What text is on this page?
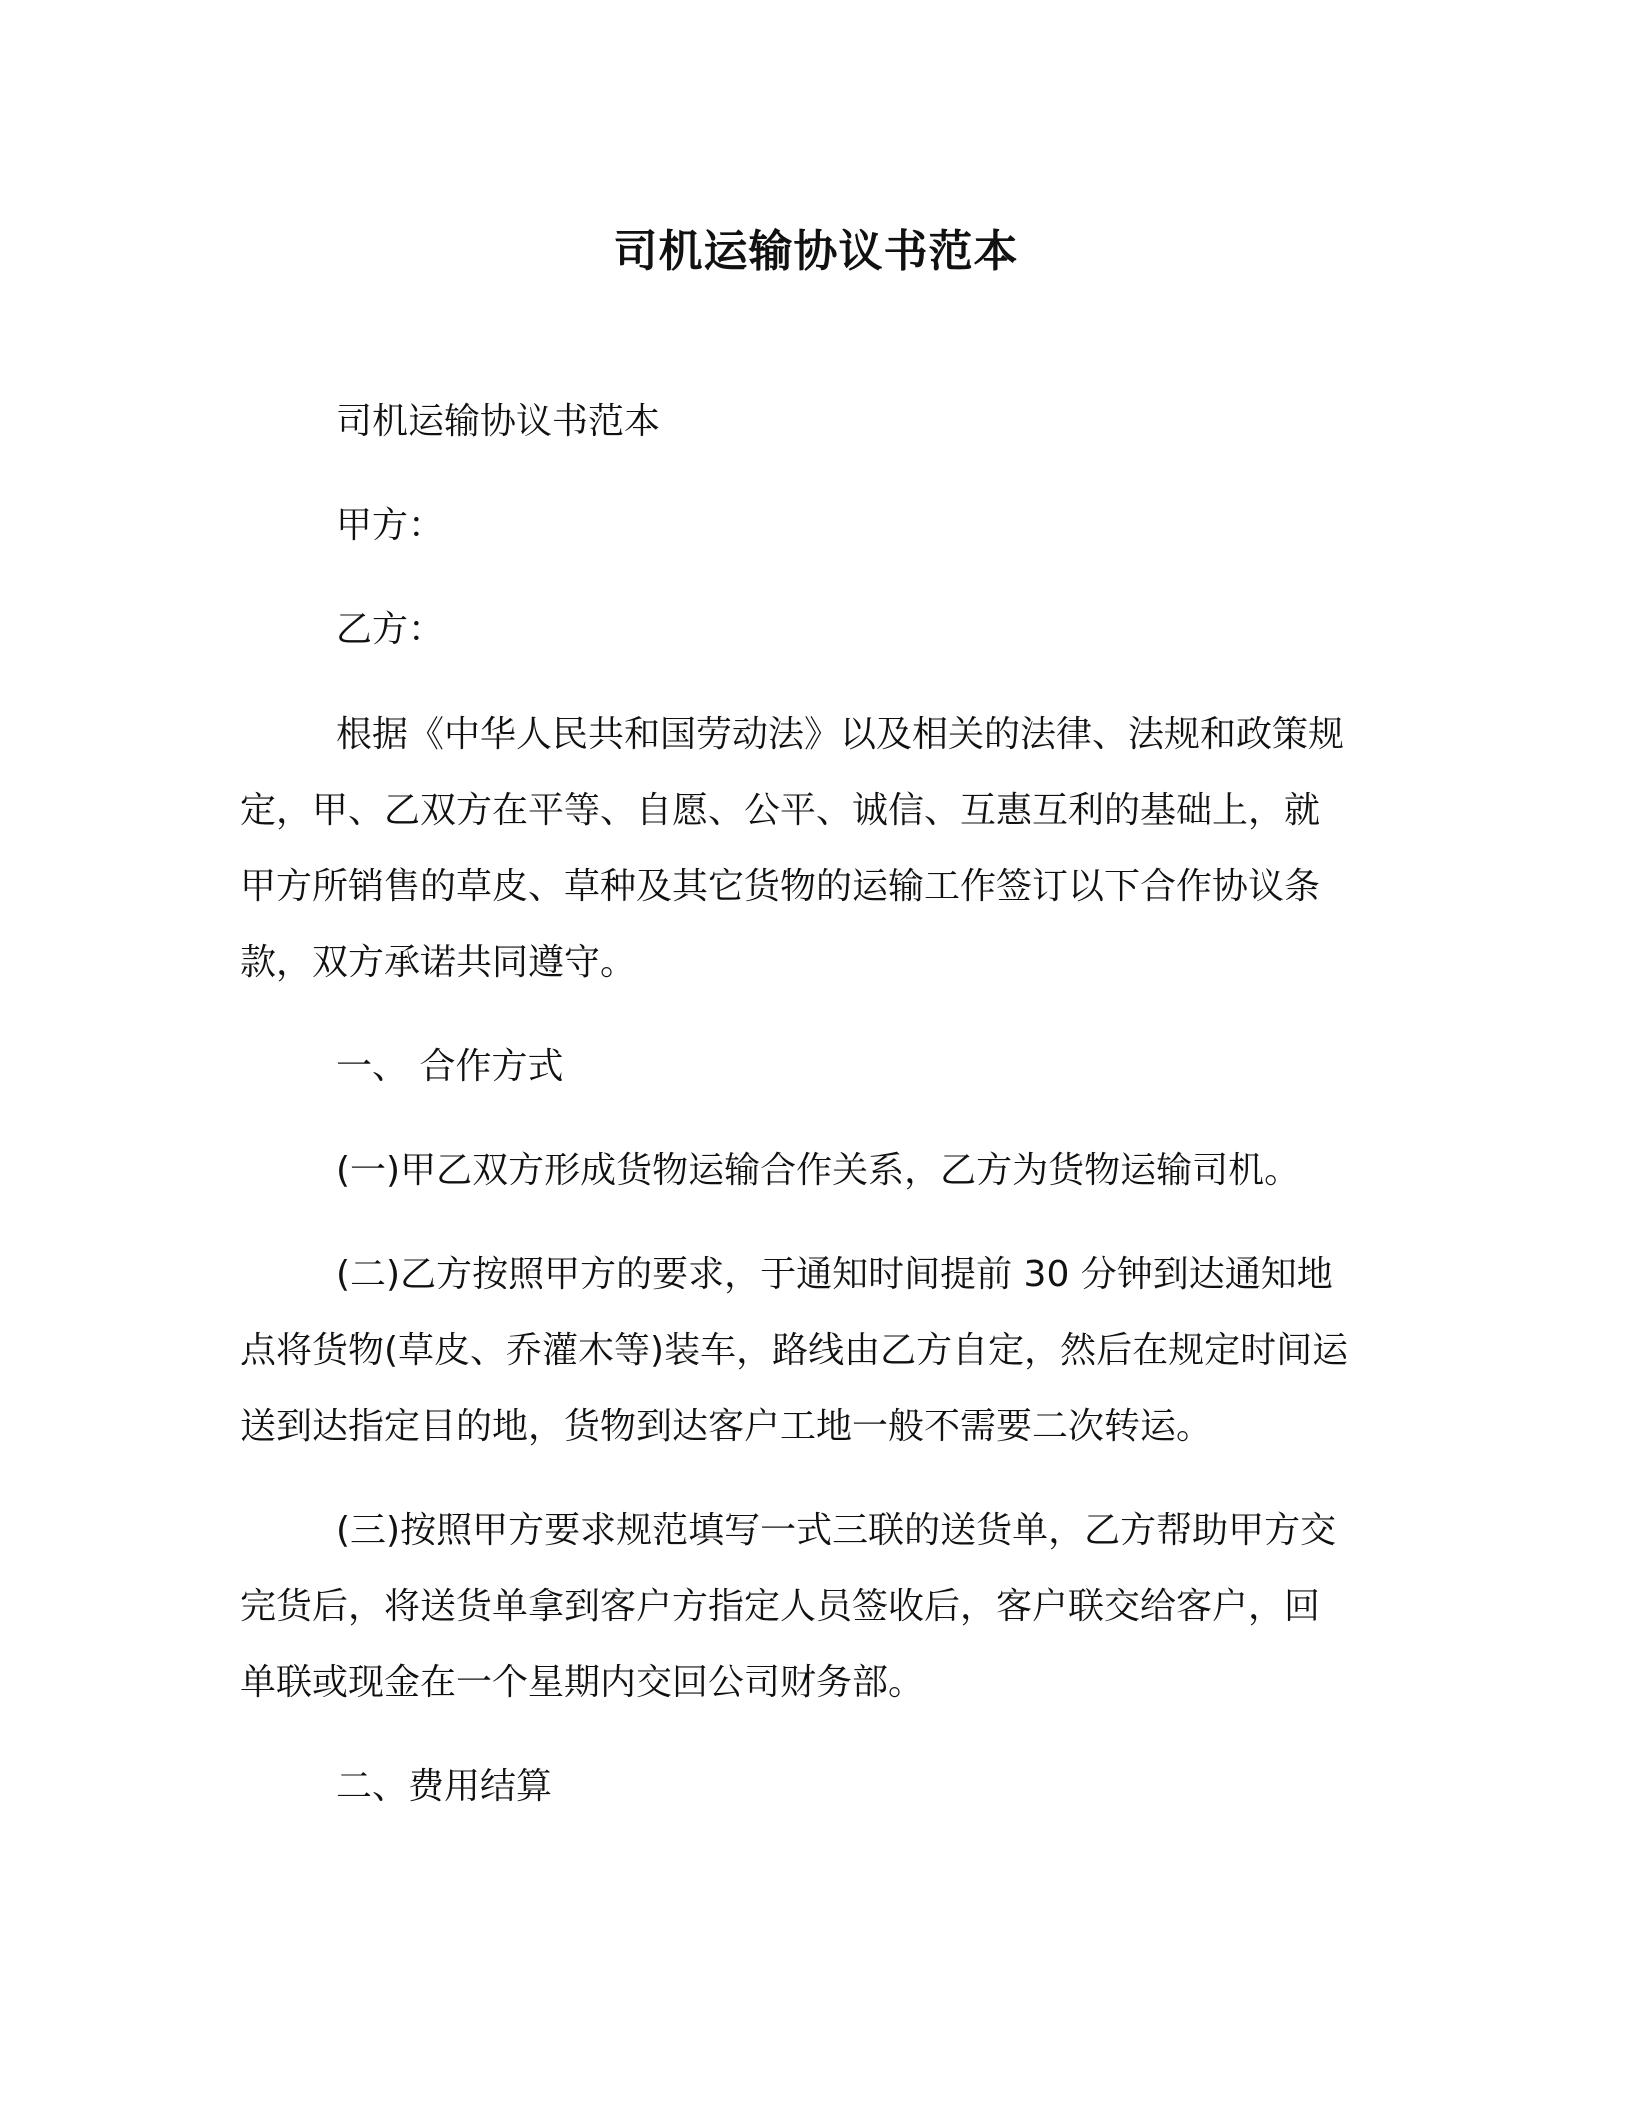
司机运输协议书范本
司机运输协议书范本
甲方：
乙方：
根据《中华人民共和国劳动法》以及相关的法律、法规和政策规
定，甲、乙双方在平等、自愿、公平、诚信、互惠互利的基础上，就
甲方所销售的草皮、草种及其它货物的运输工作签订以下合作协议条
款，双方承诺共同遵守。
一、 合作方式
(一)甲乙双方形成货物运输合作关系，乙方为货物运输司机。
(二)乙方按照甲方的要求，于通知时间提前 30 分钟到达通知地
点将货物(草皮、乔灌木等)装车，路线由乙方自定，然后在规定时间运
送到达指定目的地，货物到达客户工地一般不需要二次转运。
(三)按照甲方要求规范填写一式三联的送货单，乙方帮助甲方交
完货后，将送货单拿到客户方指定人员签收后，客户联交给客户，回
单联或现金在一个星期内交回公司财务部。
二、费用结算
